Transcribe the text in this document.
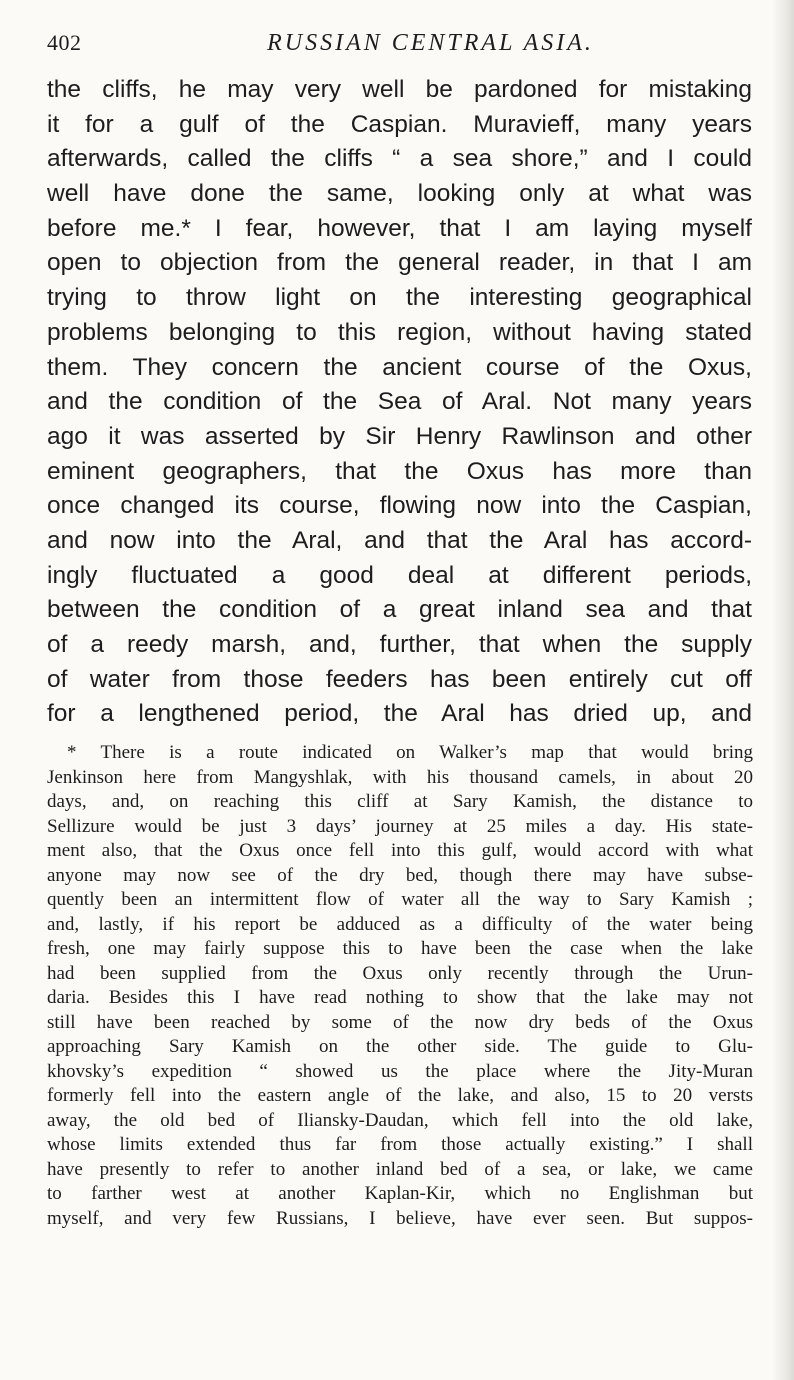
402	RUSSIAN CENTRAL ASIA.
the cliffs, he may very well be pardoned for mistaking
it for a gulf of the Caspian. Muravieff, many years
afterwards, called the cliffs “ a sea shore,” and I could
well have done the same, looking only at what was
before me.* I fear, however, that I am laying myself
open to objection from the general reader, in that I am
trying to throw light on the interesting geographical
problems belonging to this region, without having stated
them. They concern the ancient course of the Oxus,
and the condition of the Sea of Aral. Not many years
ago it was asserted by Sir Henry Rawlinson and other
eminent geographers, that the Oxus has more than
once changed its course, flowing now into the Caspian,
and now into the Aral, and that the Aral has accord-
ingly fluctuated a good deal at different periods,
between the condition of a great inland sea and that
of a reedy marsh, and, further, that when the supply
of water from those feeders has been entirely cut off
for a lengthened period, the Aral has dried up, and
* There is a route indicated on Walker’s map that would bring
Jenkinson here from Mangyshlak, with his thousand camels, in about 20
days, and, on reaching this cliff at Sary Kamish, the distance to
Sellizure would be just 3 days’ journey at 25 miles a day. His state-
ment also, that the Oxus once fell into this gulf, would accord with what
anyone may now see of the dry bed, though there may have subse-
quently been an intermittent flow of water all the way to Sary Kamish ;
and, lastly, if his report be adduced as a difficulty of the water being
fresh, one may fairly suppose this to have been the case when the lake
had been supplied from the Oxus only recently through the Urun-
daria. Besides this I have read nothing to show that the lake may not
still have been reached by some of the now dry beds of the Oxus
approaching Sary Kamish on the other side. The guide to Glu-
khovsky’s expedition “ showed us the place where the Jity-Muran
formerly fell into the eastern angle of the lake, and also, 15 to 20 versts
away, the old bed of Iliansky-Daudan, which fell into the old lake,
whose limits extended thus far from those actually existing.” I shall
have presently to refer to another inland bed of a sea, or lake, we came
to farther west at another Kaplan-Kir, which no Englishman but
myself, and very few Russians, I believe, have ever seen. But suppos-
